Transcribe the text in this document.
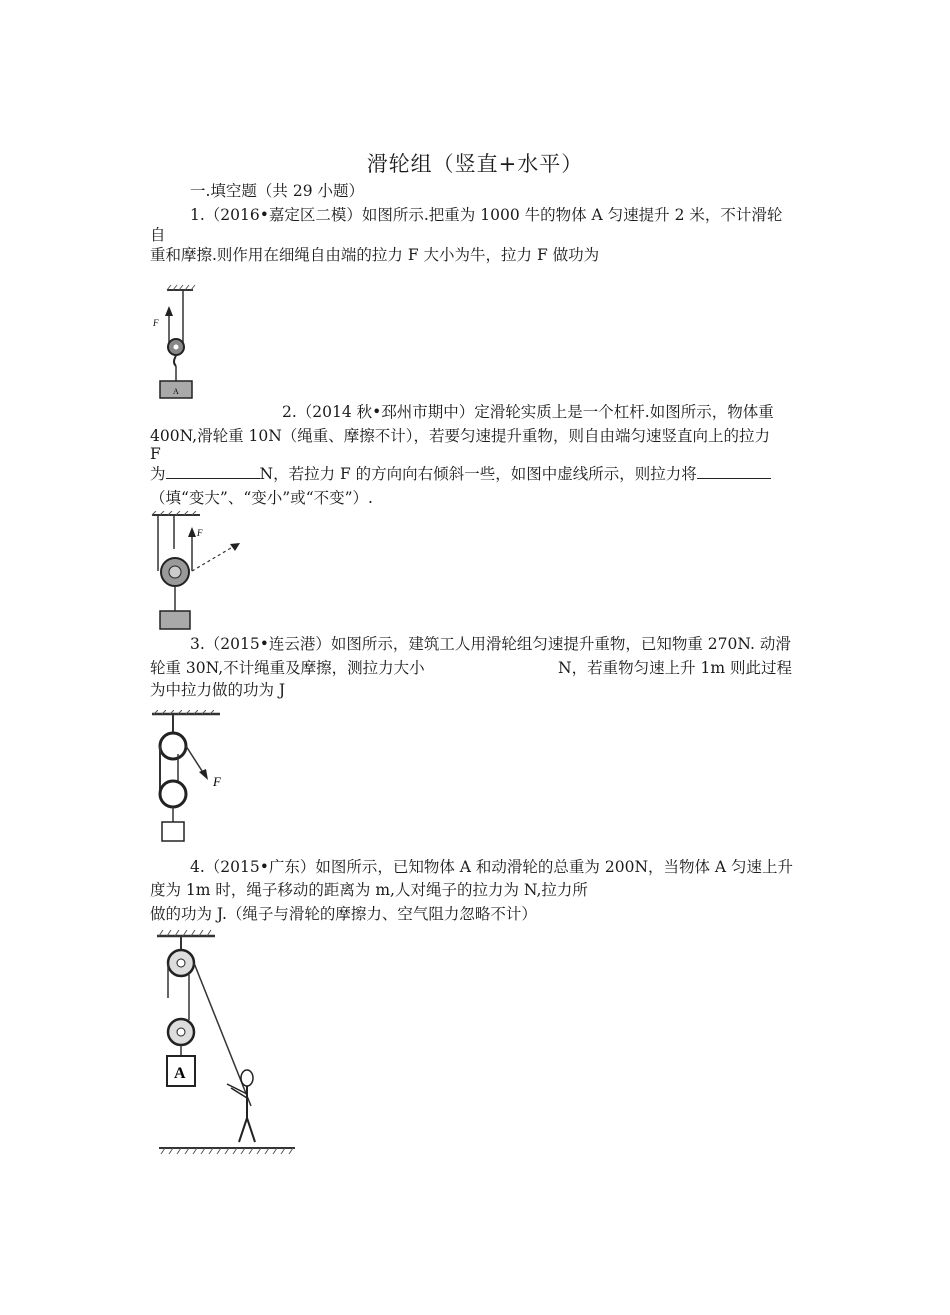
滑轮组（竖直+水平）
一.填空题（共 29 小题）
1.（2016•嘉定区二模）如图所示.把重为 1000 牛的物体 A 匀速提升 2 米，不计滑轮
自
重和摩擦.则作用在细绳自由端的拉力 F 大小为牛，拉力 F 做功为
F
A
2.（2014 秋•邳州市期中）定滑轮实质上是一个杠杆.如图所示，物体重
400N,滑轮重 10N（绳重、摩擦不计），若要匀速提升重物，则自由端匀速竖直向上的拉力
F
为	N，若拉力 F 的方向向右倾斜一些，如图中虚线所示，则拉力将
（填“变大”、“变小”或“不变”）.
F
3.（2015•连云港）如图所示，建筑工人用滑轮组匀速提升重物，已知物重 270N. 动滑
轮重 30N,不计绳重及摩擦，测拉力大小	N，若重物匀速上升 1m 则此过程
为中拉力做的功为 J
F
4.（2015•广东）如图所示，已知物体 A 和动滑轮的总重为 200N，当物体 A 匀速上升
度为 1m 时，绳子移动的距离为 m,人对绳子的拉力为 N,拉力所
做的功为 J.（绳子与滑轮的摩擦力、空气阻力忽略不计）
A
